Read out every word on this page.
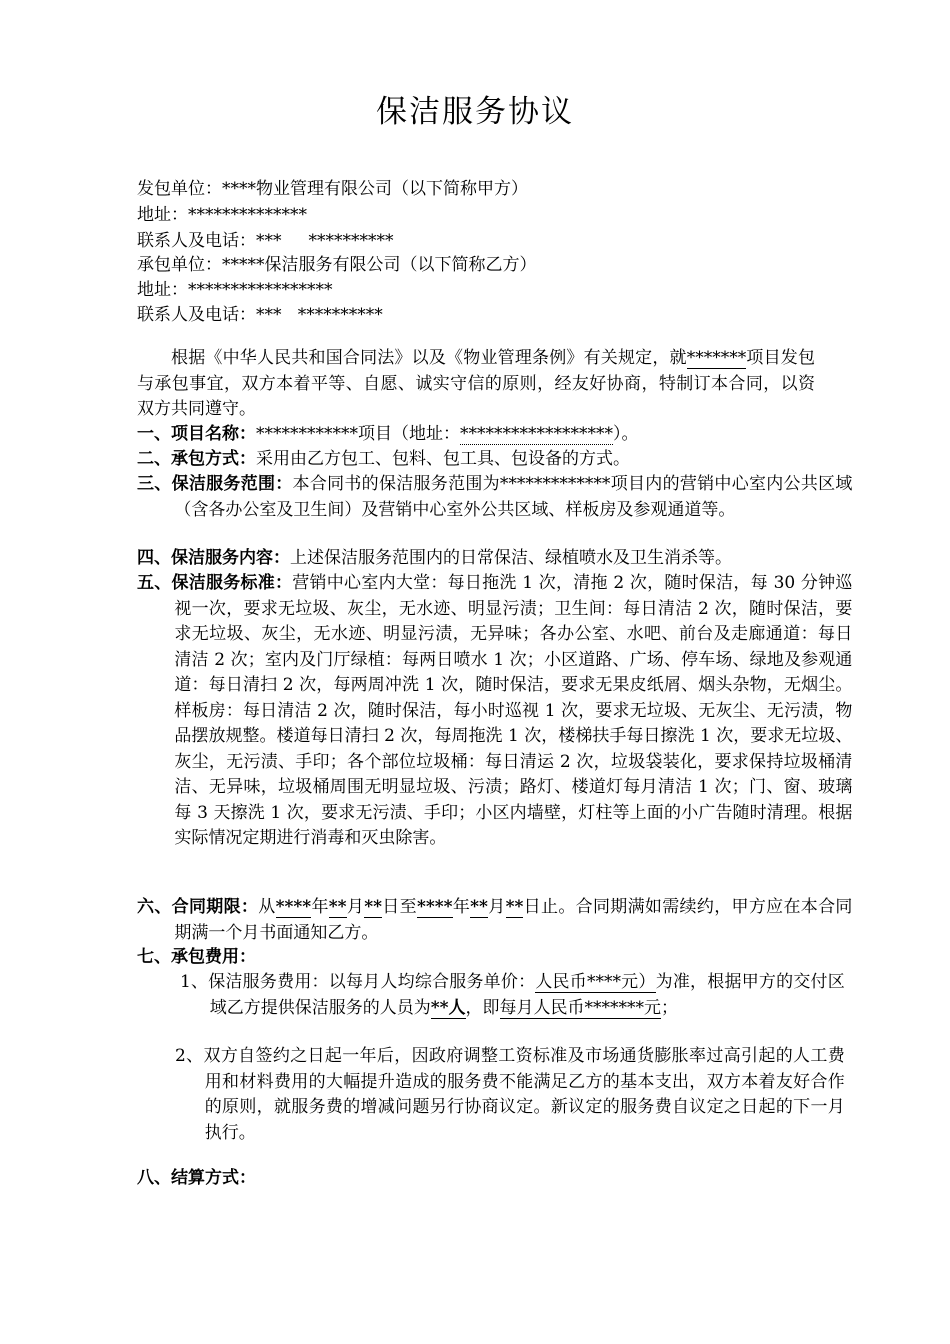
保洁服务协议
发包单位：****物业管理有限公司（以下简称甲方）
地址：**************
联系人及电话：***     **********
承包单位：*****保洁服务有限公司（以下简称乙方）
地址：*****************
联系人及电话：***   **********
根据《中华人民共和国合同法》以及《物业管理条例》有关规定，就*******项目发包与承包事宜，双方本着平等、自愿、诚实守信的原则，经友好协商，特制订本合同，以资双方共同遵守。
一、项目名称：************项目（地址：******************）。
二、承包方式：采用由乙方包工、包料、包工具、包设备的方式。
三、保洁服务范围：本合同书的保洁服务范围为*************项目内的营销中心室内公共区域（含各办公室及卫生间）及营销中心室外公共区域、样板房及参观通道等。
四、保洁服务内容：上述保洁服务范围内的日常保洁、绿植喷水及卫生消杀等。
五、保洁服务标准：营销中心室内大堂：每日拖洗 1 次，清拖 2 次，随时保洁，每 30 分钟巡视一次，要求无垃圾、灰尘，无水迹、明显污渍；卫生间：每日清洁 2 次，随时保洁，要求无垃圾、灰尘，无水迹、明显污渍，无异味；各办公室、水吧、前台及走廊通道：每日清洁 2 次；室内及门厅绿植：每两日喷水 1 次；小区道路、广场、停车场、绿地及参观通道：每日清扫 2 次，每两周冲洗 1 次，随时保洁，要求无果皮纸屑、烟头杂物，无烟尘。样板房：每日清洁 2 次，随时保洁，每小时巡视 1 次，要求无垃圾、无灰尘、无污渍，物品摆放规整。楼道每日清扫 2 次，每周拖洗 1 次，楼梯扶手每日擦洗 1 次，要求无垃圾、灰尘，无污渍、手印；各个部位垃圾桶：每日清运 2 次，垃圾袋装化，要求保持垃圾桶清洁、无异味，垃圾桶周围无明显垃圾、污渍；路灯、楼道灯每月清洁 1 次；门、窗、玻璃每 3 天擦洗 1 次，要求无污渍、手印；小区内墙壁，灯柱等上面的小广告随时清理。根据实际情况定期进行消毒和灭虫除害。
六、合同期限：从****年**月**日至****年**月**日止。合同期满如需续约，甲方应在本合同期满一个月书面通知乙方。
七、承包费用：
1、保洁服务费用：以每月人均综合服务单价：人民币****元）为准，根据甲方的交付区域乙方提供保洁服务的人员为**人，即每月人民币*******元；
2、双方自签约之日起一年后，因政府调整工资标准及市场通货膨胀率过高引起的人工费用和材料费用的大幅提升造成的服务费不能满足乙方的基本支出，双方本着友好合作的原则，就服务费的增减问题另行协商议定。新议定的服务费自议定之日起的下一月执行。
八、结算方式：
